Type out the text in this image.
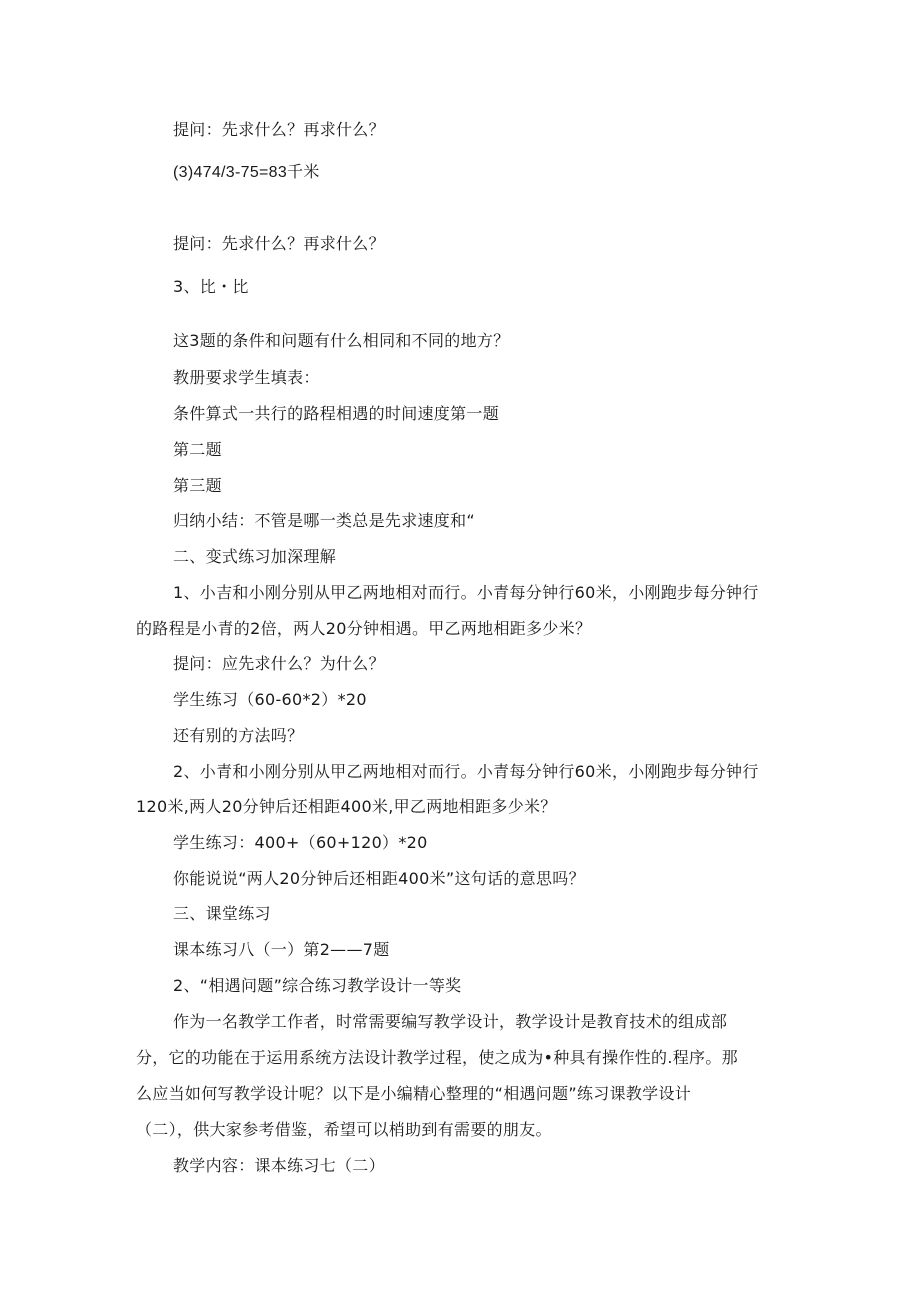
提问：先求什么？再求什么？
(3)474/3-75=83千米
提问：先求什么？再求什么？
3、比・比
这3题的条件和问题有什么相同和不同的地方？
教册要求学生填表：
条件算式一共行的路程相遇的时间速度第一题
第二题
第三题
归纳小结：不管是哪一类总是先求速度和“
二、变式练习加深理解
1、小吉和小刚分别从甲乙两地相对而行。小青每分钟行60米，小刚跑步每分钟行
的路程是小青的2倍，两人20分钟相遇。甲乙两地相距多少米？
提问：应先求什么？为什么？
学生练习（60-60*2）*20
还有别的方法吗？
2、小青和小刚分别从甲乙两地相对而行。小青每分钟行60米，小刚跑步每分钟行
120米,两人20分钟后还相距400米,甲乙两地相距多少米？
学生练习：400+（60+120）*20
你能说说“两人20分钟后还相距400米”这句话的意思吗？
三、课堂练习
课本练习八（一）第2——7题
2、“相遇问题”综合练习教学设计一等奖
作为一名教学工作者，时常需要编写教学设计，教学设计是教育技术的组成部
分，它的功能在于运用系统方法设计教学过程，使之成为•种具有操作性的.程序。那
么应当如何写教学设计呢？以下是小编精心整理的“相遇问题”练习课教学设计
（二），供大家参考借鉴，希望可以梢助到有需要的朋友。
教学内容：课本练习七（二）
